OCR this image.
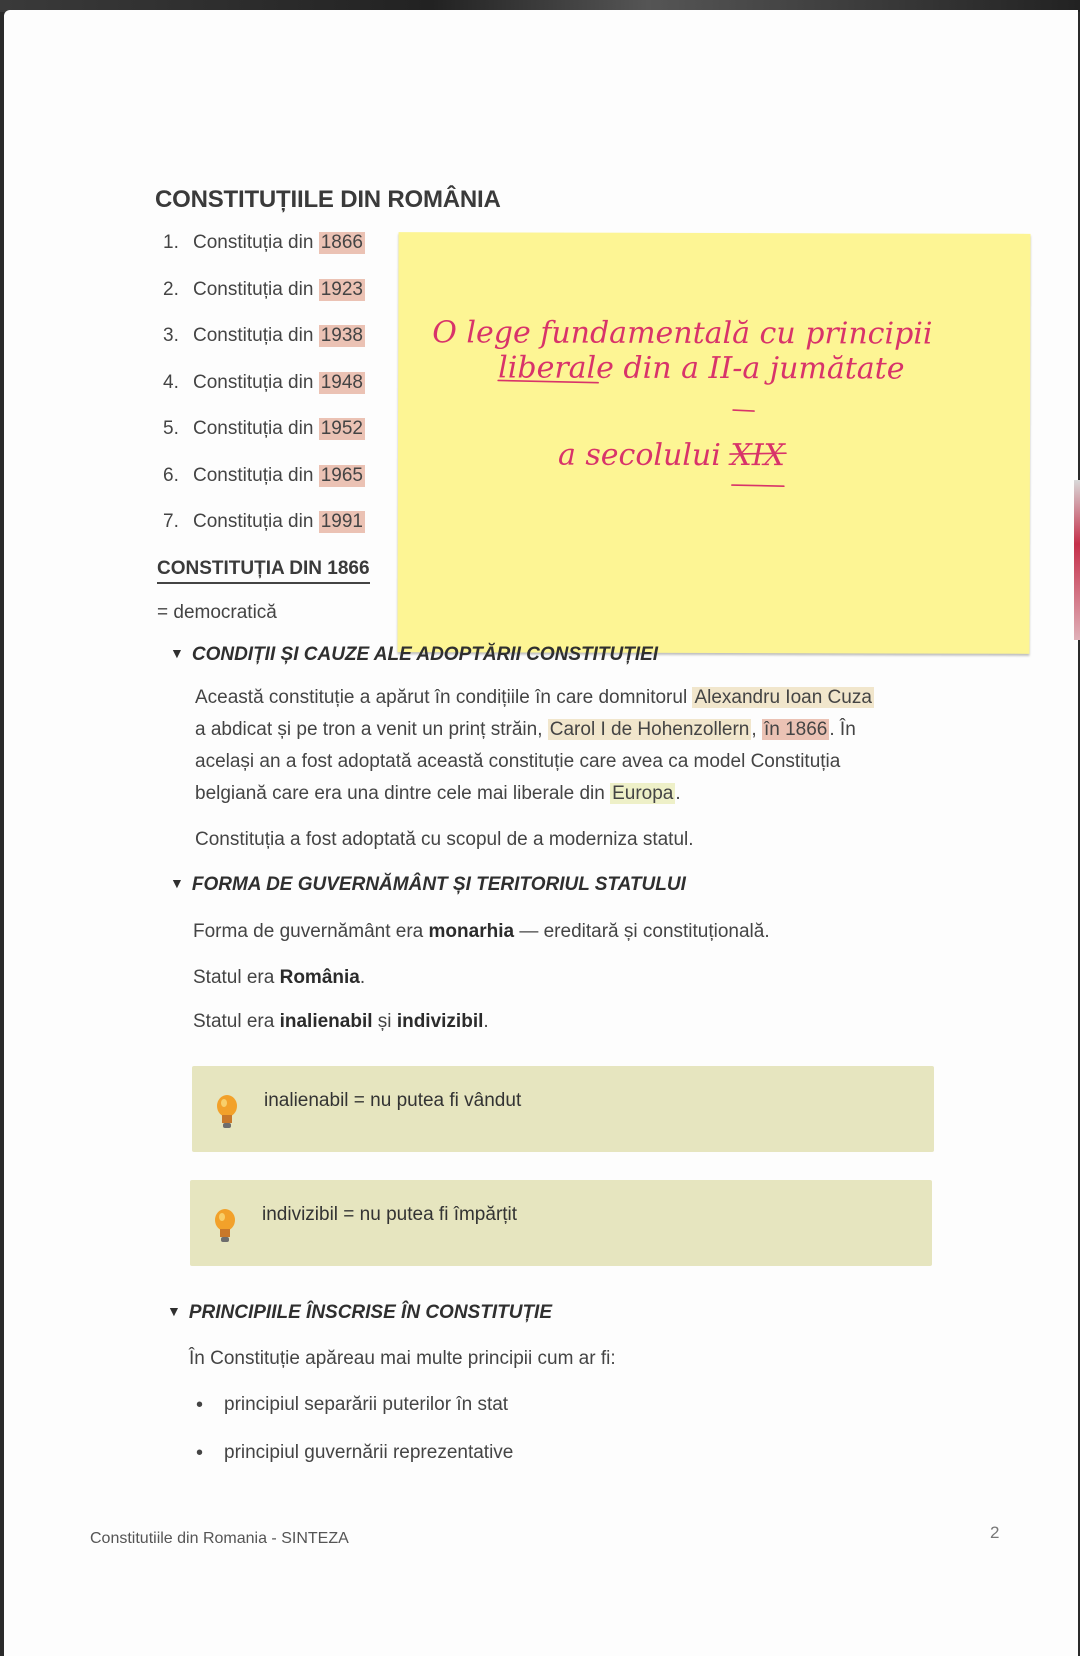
CONSTITUȚIILE DIN ROMÂNIA
1. Constituția din
1866
2. Constituția din
1923
3. Constituția din
1938
4. Constituția din
1948
5. Constituția din
1952
6. Constituția din
1965
7. Constituția din
1991
CONSTITUȚIA DIN 1866
= democratică
O lege fundamentală cu principii
liberale din a II-a jumătate
a secolului XIX
▼ CONDIȚII ȘI CAUZE ALE ADOPTĂRII CONSTITUȚIEI
Această constituție a apărut în condițiile în care domnitorul Alexandru Ioan Cuza
a abdicat și pe tron a venit un prinț străin, Carol I de Hohenzollern , în 1866 . În
același an a fost adoptată această constituție care avea ca model Constituția
belgiană care era una dintre cele mai liberale din Europa .
Constituția a fost adoptată cu scopul de a moderniza statul.
▼ FORMA DE GUVERNĂMÂNT ȘI TERITORIUL STATULUI
Forma de guvernământ era monarhia — ereditară și constituțională.
Statul era România.
Statul era inalienabil și indivizibil.
inalienabil = nu putea fi vândut
indivizibil = nu putea fi împărțit
▼ PRINCIPIILE ÎNSCRISE ÎN CONSTITUȚIE
În Constituție apăreau mai multe principii cum ar fi:
•	principiul separării puterilor în stat
•	principiul guvernării reprezentative
Constitutiile din Romania - SINTEZA	2
